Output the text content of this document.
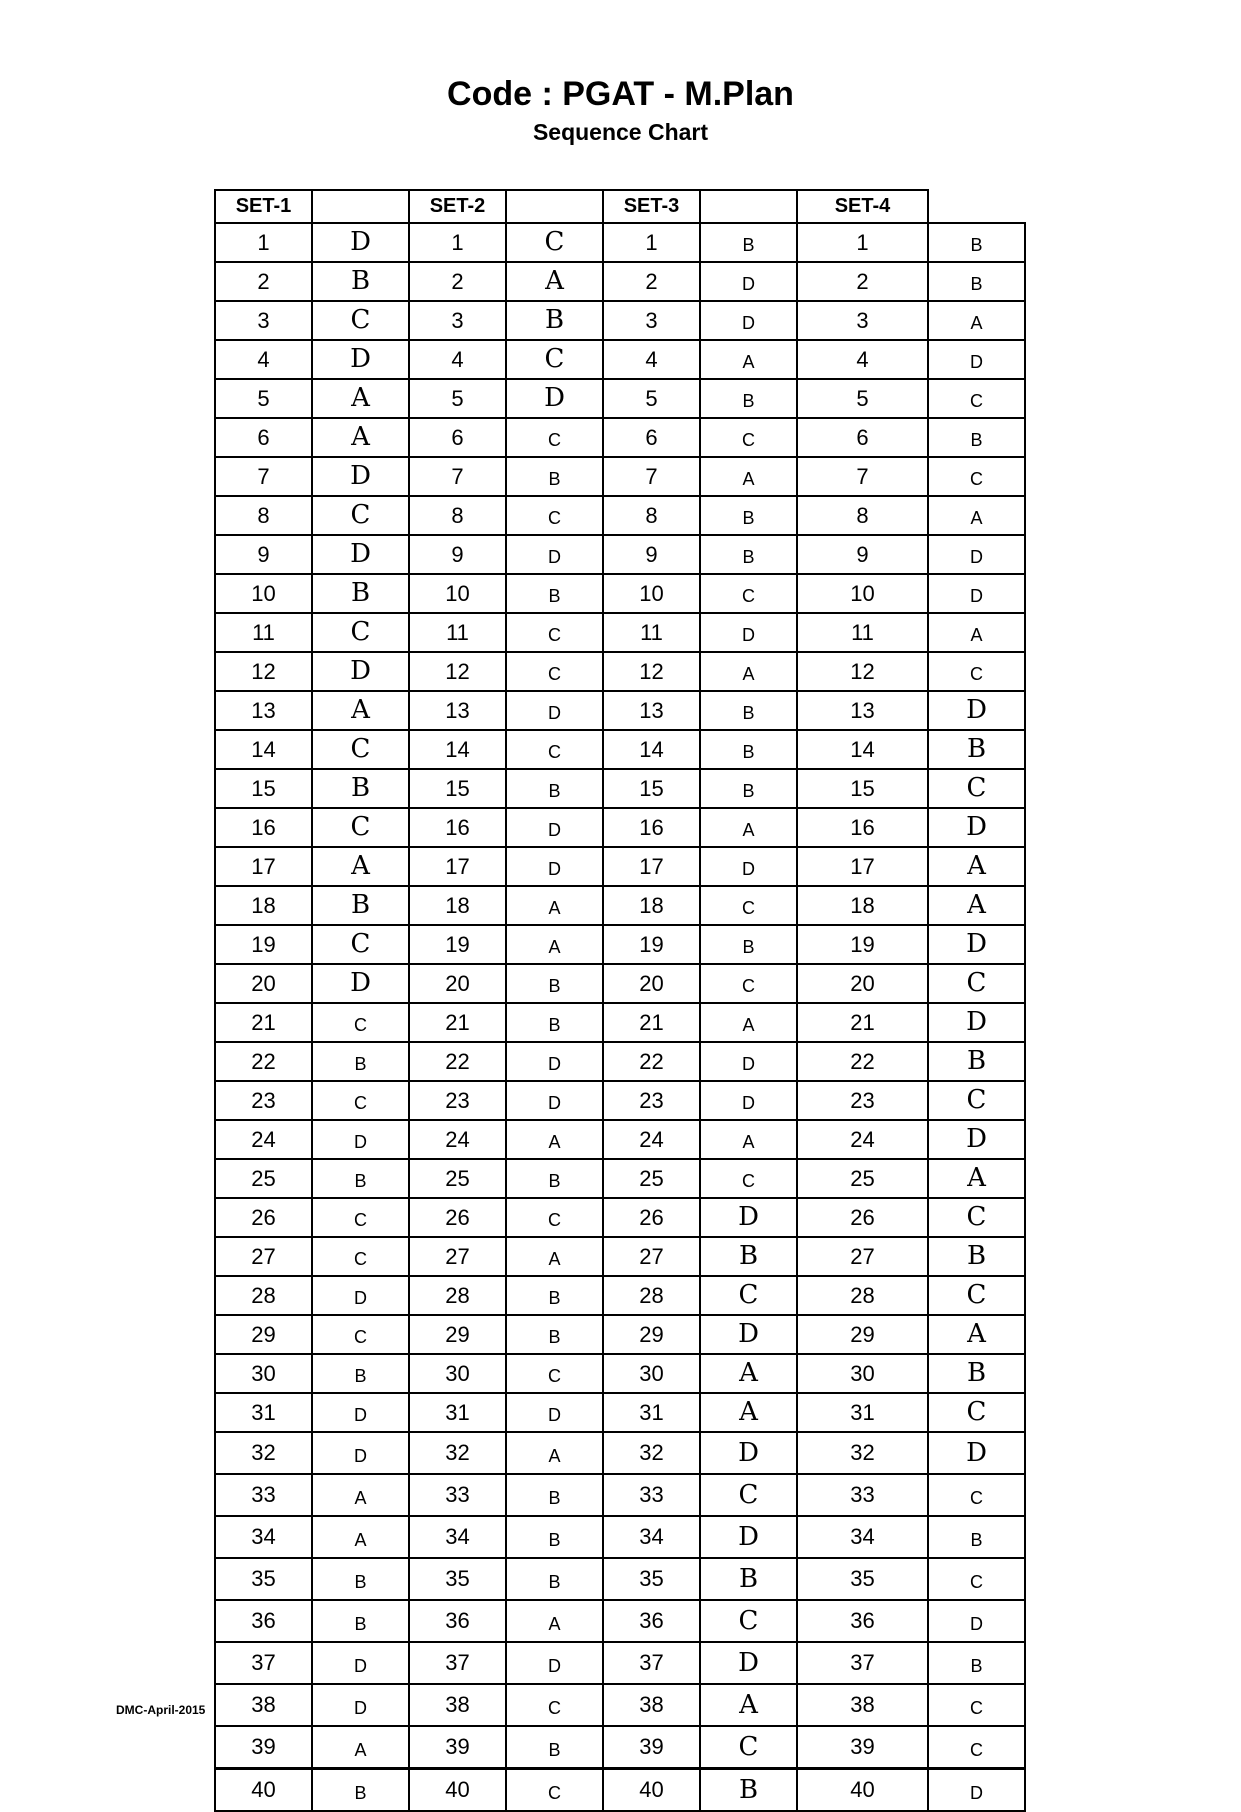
Code : PGAT - M.Plan
Sequence Chart
SET-1		SET-2		SET-3		SET-4	
1	D	1	C	1	B	1	B
2	B	2	A	2	D	2	B
3	C	3	B	3	D	3	A
4	D	4	C	4	A	4	D
5	A	5	D	5	B	5	C
6	A	6	C	6	C	6	B
7	D	7	B	7	A	7	C
8	C	8	C	8	B	8	A
9	D	9	D	9	B	9	D
10	B	10	B	10	C	10	D
11	C	11	C	11	D	11	A
12	D	12	C	12	A	12	C
13	A	13	D	13	B	13	D
14	C	14	C	14	B	14	B
15	B	15	B	15	B	15	C
16	C	16	D	16	A	16	D
17	A	17	D	17	D	17	A
18	B	18	A	18	C	18	A
19	C	19	A	19	B	19	D
20	D	20	B	20	C	20	C
21	C	21	B	21	A	21	D
22	B	22	D	22	D	22	B
23	C	23	D	23	D	23	C
24	D	24	A	24	A	24	D
25	B	25	B	25	C	25	A
26	C	26	C	26	D	26	C
27	C	27	A	27	B	27	B
28	D	28	B	28	C	28	C
29	C	29	B	29	D	29	A
30	B	30	C	30	A	30	B
31	D	31	D	31	A	31	C
32	D	32	A	32	D	32	D
33	A	33	B	33	C	33	C
34	A	34	B	34	D	34	B
35	B	35	B	35	B	35	C
36	B	36	A	36	C	36	D
37	D	37	D	37	D	37	B
38	D	38	C	38	A	38	C
39	A	39	B	39	C	39	C
40	B	40	C	40	B	40	D
DMC-April-2015
